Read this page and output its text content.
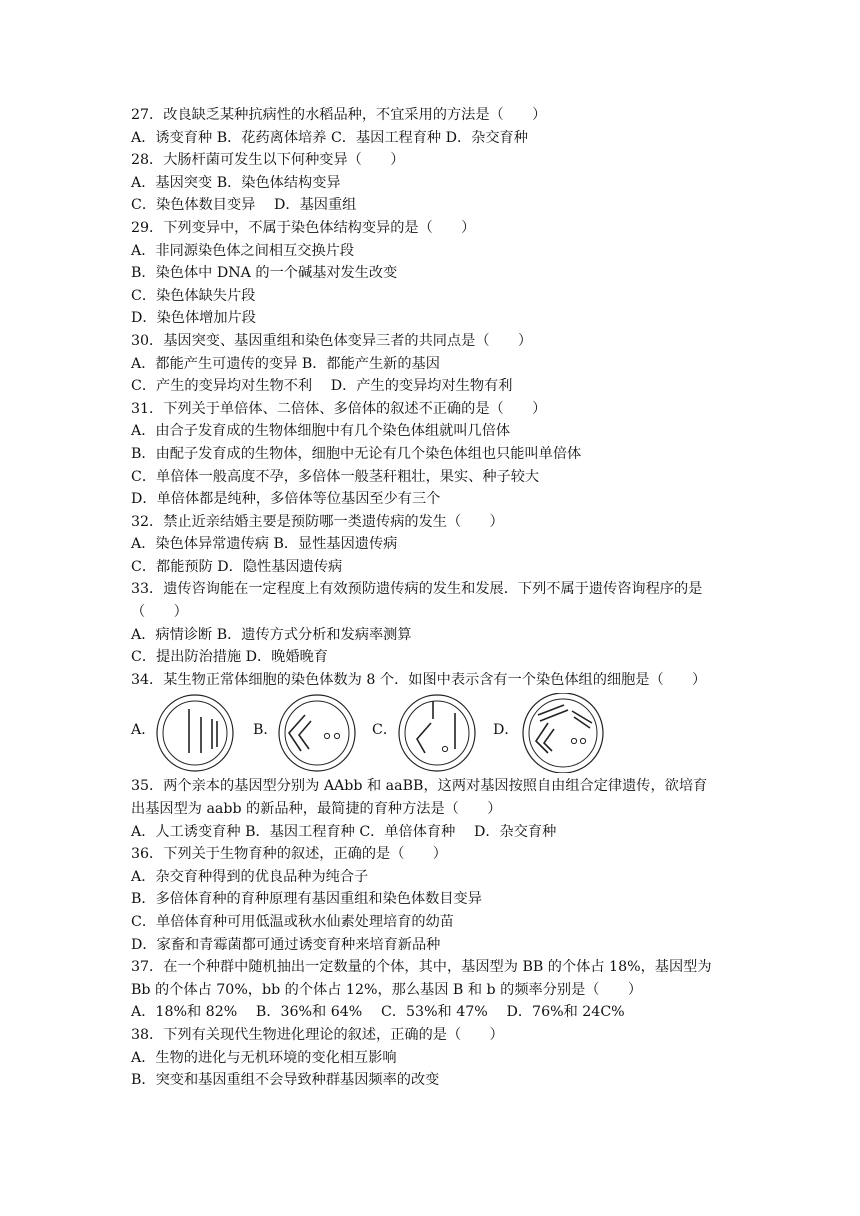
27．改良缺乏某种抗病性的水稻品种，不宜采用的方法是（　　）
A．诱变育种 B．花药离体培养 C．基因工程育种 D．杂交育种
28．大肠杆菌可发生以下何种变异（　　）
A．基因突变 B．染色体结构变异
C．染色体数目变异　 D．基因重组
29．下列变异中，不属于染色体结构变异的是（　　）
A．非同源染色体之间相互交换片段
B．染色体中 DNA 的一个碱基对发生改变
C．染色体缺失片段
D．染色体增加片段
30．基因突变、基因重组和染色体变异三者的共同点是（　　）
A．都能产生可遗传的变异 B．都能产生新的基因
C．产生的变异均对生物不利　 D．产生的变异均对生物有利
31．下列关于单倍体、二倍体、多倍体的叙述不正确的是（　　）
A．由合子发育成的生物体细胞中有几个染色体组就叫几倍体
B．由配子发育成的生物体，细胞中无论有几个染色体组也只能叫单倍体
C．单倍体一般高度不孕，多倍体一般茎秆粗壮，果实、种子较大
D．单倍体都是纯种，多倍体等位基因至少有三个
32．禁止近亲结婚主要是预防哪一类遗传病的发生（　　）
A．染色体异常遗传病 B．显性基因遗传病
C．都能预防 D．隐性基因遗传病
33．遗传咨询能在一定程度上有效预防遗传病的发生和发展．下列不属于遗传咨询程序的是
（　　）
A．病情诊断 B．遗传方式分析和发病率测算
C．提出防治措施 D．晚婚晚育
34．某生物正常体细胞的染色体数为 8 个．如图中表示含有一个染色体组的细胞是（　　）
A．	B．	C．	D．
35．两个亲本的基因型分别为 AAbb 和 aaBB，这两对基因按照自由组合定律遗传，欲培育
出基因型为 aabb 的新品种，最简捷的育种方法是（　　）
A．人工诱变育种 B．基因工程育种 C．单倍体育种　 D．杂交育种
36．下列关于生物育种的叙述，正确的是（　　）
A．杂交育种得到的优良品种为纯合子
B．多倍体育种的育种原理有基因重组和染色体数目变异
C．单倍体育种可用低温或秋水仙素处理培育的幼苗
D．家畜和青霉菌都可通过诱变育种来培育新品种
37．在一个种群中随机抽出一定数量的个体，其中，基因型为 BB 的个体占 18%，基因型为
Bb 的个体占 70%，bb 的个体占 12%，那么基因 B 和 b 的频率分别是（　　）
A．18%和 82%　 B．36%和 64%　 C．53%和 47%　 D．76%和 24C%
38．下列有关现代生物进化理论的叙述，正确的是（　　）
A．生物的进化与无机环境的变化相互影响
B．突变和基因重组不会导致种群基因频率的改变
